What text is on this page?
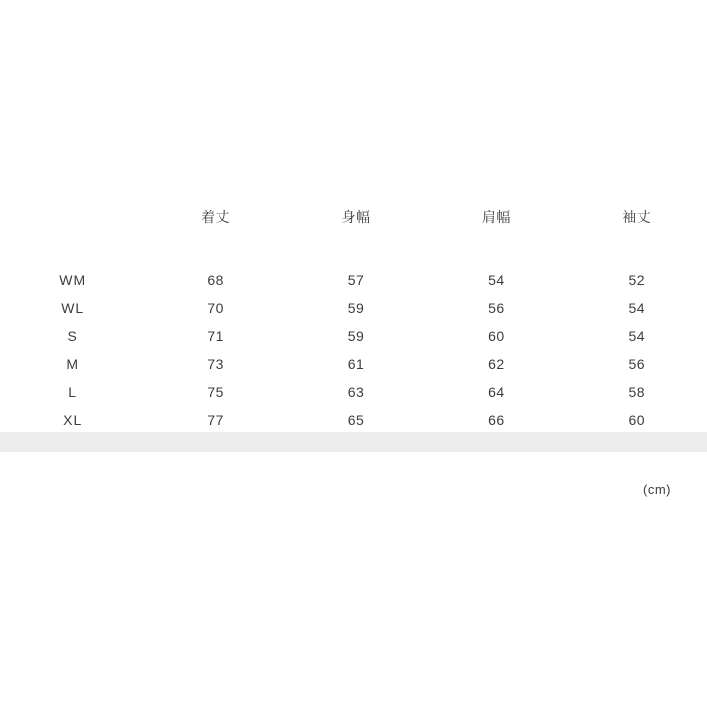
	着丈	身幅	肩幅	袖丈

WM	68	57	54	52
WL	70	59	56	54
S	71	59	60	54
M	73	61	62	56
L	75	63	64	58
XL	77	65	66	60
(cm)
